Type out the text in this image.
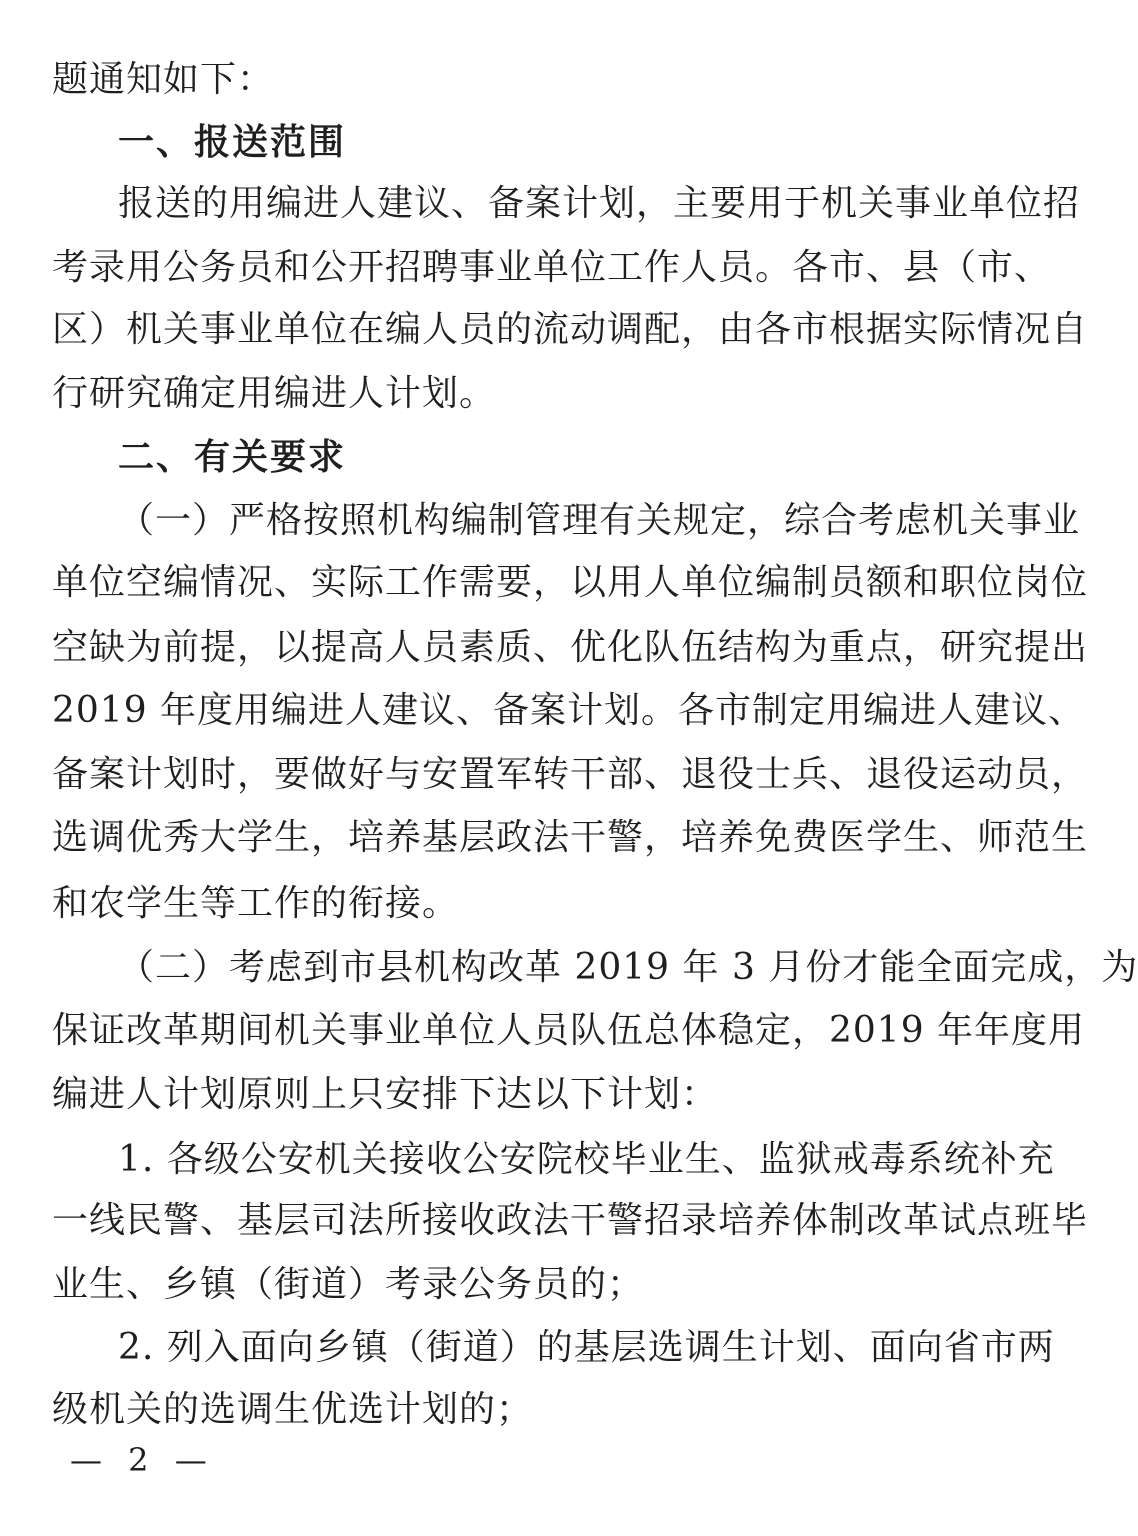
题通知如下：
一、报送范围
报送的用编进人建议、备案计划，主要用于机关事业单位招
考录用公务员和公开招聘事业单位工作人员。各市、县（市、
区）机关事业单位在编人员的流动调配，由各市根据实际情况自
行研究确定用编进人计划。
二、有关要求
（一）严格按照机构编制管理有关规定，综合考虑机关事业
单位空编情况、实际工作需要，以用人单位编制员额和职位岗位
空缺为前提，以提高人员素质、优化队伍结构为重点，研究提出
2019 年度用编进人建议、备案计划。各市制定用编进人建议、
备案计划时，要做好与安置军转干部、退役士兵、退役运动员，
选调优秀大学生，培养基层政法干警，培养免费医学生、师范生
和农学生等工作的衔接。
（二）考虑到市县机构改革 2019 年 3 月份才能全面完成，为
保证改革期间机关事业单位人员队伍总体稳定，2019 年年度用
编进人计划原则上只安排下达以下计划：
1. 各级公安机关接收公安院校毕业生、监狱戒毒系统补充
一线民警、基层司法所接收政法干警招录培养体制改革试点班毕
业生、乡镇（街道）考录公务员的；
2. 列入面向乡镇（街道）的基层选调生计划、面向省市两
级机关的选调生优选计划的；
— 2 —
